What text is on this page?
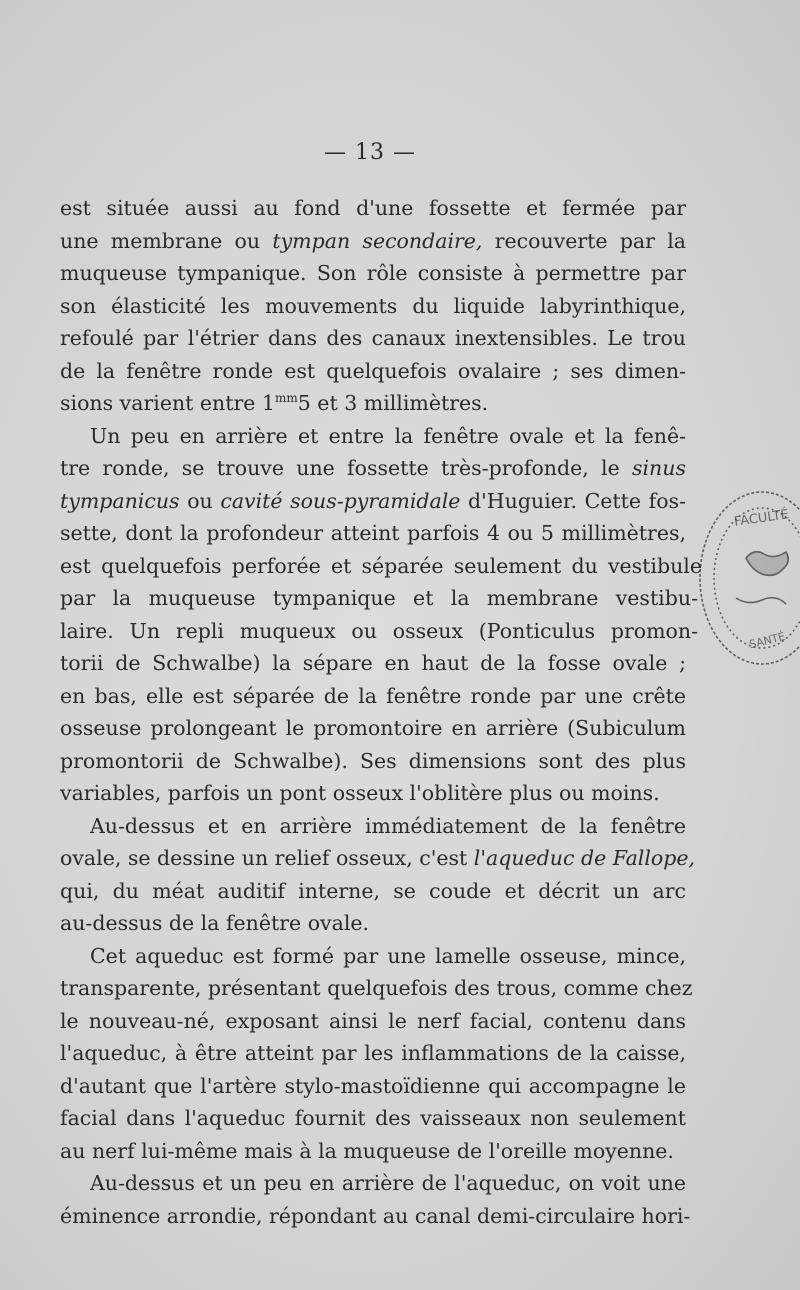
— 13 —
est située aussi au fond d'une fossette et fermée par
une membrane ou tympan secondaire, recouverte par la
muqueuse tympanique. Son rôle consiste à permettre par
son élasticité les mouvements du liquide labyrinthique,
refoulé par l'étrier dans des canaux inextensibles. Le trou
de la fenêtre ronde est quelquefois ovalaire ; ses dimen-
sions varient entre $1^{mm}5$ et 3 millimètres.
Un peu en arrière et entre la fenêtre ovale et la fenê-
tre ronde, se trouve une fossette très-profonde, le sinus
tympanicus ou cavité sous-pyramidale d'Huguier. Cette fos-
sette, dont la profondeur atteint parfois 4 ou 5 millimètres,
est quelquefois perforée et séparée seulement du vestibule
par la muqueuse tympanique et la membrane vestibu-
laire. Un repli muqueux ou osseux (Ponticulus promon-
torii de Schwalbe) la sépare en haut de la fosse ovale ;
en bas, elle est séparée de la fenêtre ronde par une crête
osseuse prolongeant le promontoire en arrière (Subiculum
promontorii de Schwalbe). Ses dimensions sont des plus
variables, parfois un pont osseux l'oblitère plus ou moins.
Au-dessus et en arrière immédiatement de la fenêtre
ovale, se dessine un relief osseux, c'est l'aqueduc de Fallope,
qui, du méat auditif interne, se coude et décrit un arc
au-dessus de la fenêtre ovale.
Cet aqueduc est formé par une lamelle osseuse, mince,
transparente, présentant quelquefois des trous, comme chez
le nouveau-né, exposant ainsi le nerf facial, contenu dans
l'aqueduc, à être atteint par les inflammations de la caisse,
d'autant que l'artère stylo-mastoïdienne qui accompagne le
facial dans l'aqueduc fournit des vaisseaux non seulement
au nerf lui-même mais à la muqueuse de l'oreille moyenne.
Au-dessus et un peu en arrière de l'aqueduc, on voit une
éminence arrondie, répondant au canal demi-circulaire hori-
FACULTÉ
SANTÉ
